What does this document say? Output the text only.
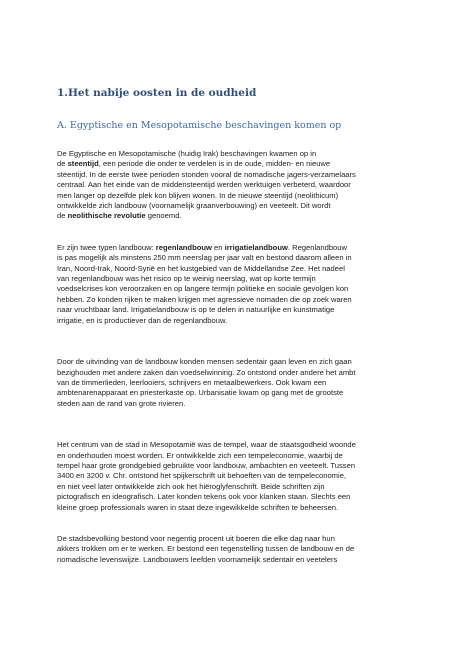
1.Het nabije oosten in de oudheid
A. Egyptische en Mesopotamische beschavingen komen op

De Egyptische en Mesopotamische (huidig Irak) beschavingen kwamen op in
de steentijd, een periode die onder te verdelen is in de oude, midden- en nieuwe
steentijd. In de eerste twee perioden stonden vooral de nomadische jagers-verzamelaars
centraal. Aan het einde van de middensteentijd werden werktuigen verbeterd, waardoor
men langer op dezelfde plek kon blijven wonen. In de nieuwe steentijd (neolithicum)
ontwikkelde zich landbouw (voornamelijk graanverbouwing) en veeteelt. Dit wordt
de neolithische revolutie genoemd.

Er zijn twee typen landbouw: regenlandbouw en irrigatielandbouw. Regenlandbouw
is pas mogelijk als minstens 250 mm neerslag per jaar valt en bestond daarom alleen in
Iran, Noord-Irak, Noord-Syrië en het kustgebied van de Middellandse Zee. Het nadeel
van regenlandbouw was het risico op te weinig neerslag, wat op korte termijn
voedselcrises kon veroorzaken en op langere termijn politieke en sociale gevolgen kon
hebben. Zo konden rijken te maken krijgen met agressieve nomaden die op zoek waren
naar vruchtbaar land. Irrigatielandbouw is op te delen in natuurlijke en kunstmatige
irrigatie, en is productiever dan de regenlandbouw.

Door de uitvinding van de landbouw konden mensen sedentair gaan leven en zich gaan
bezighouden met andere zaken dan voedselwinning. Zo ontstond onder andere het ambt
van de timmerlieden, leerlooiers, schrijvers en metaalbewerkers. Ook kwam een
ambtenarenapparaat en priesterkaste op. Urbanisatie kwam op gang met de grootste
steden aan de rand van grote rivieren.

Het centrum van de stad in Mesopotamië was de tempel, waar de staatsgodheid woonde
en onderhouden moest worden. Er ontwikkelde zich een tempeleconomie, waarbij de
tempel haar grote grondgebied gebruikte voor landbouw, ambachten en veeteelt. Tussen
3400 en 3200 v. Chr. ontstond het spijkerschrift uit behoeften van de tempeleconomie,
en niet veel later ontwikkelde zich ook het hiëroglyfenschrift. Beide schriften zijn
pictografisch en ideografisch. Later konden tekens ook voor klanken staan. Slechts een
kleine groep professionals waren in staat deze ingewikkelde schriften te beheersen.

De stadsbevolking bestond voor negentig procent uit boeren die elke dag naar hun
akkers trokken om er te werken. Er bestond een tegenstelling tussen de landbouw en de
nomadische levenswijze. Landbouwers leefden voornamelijk sedentair en veetelers
